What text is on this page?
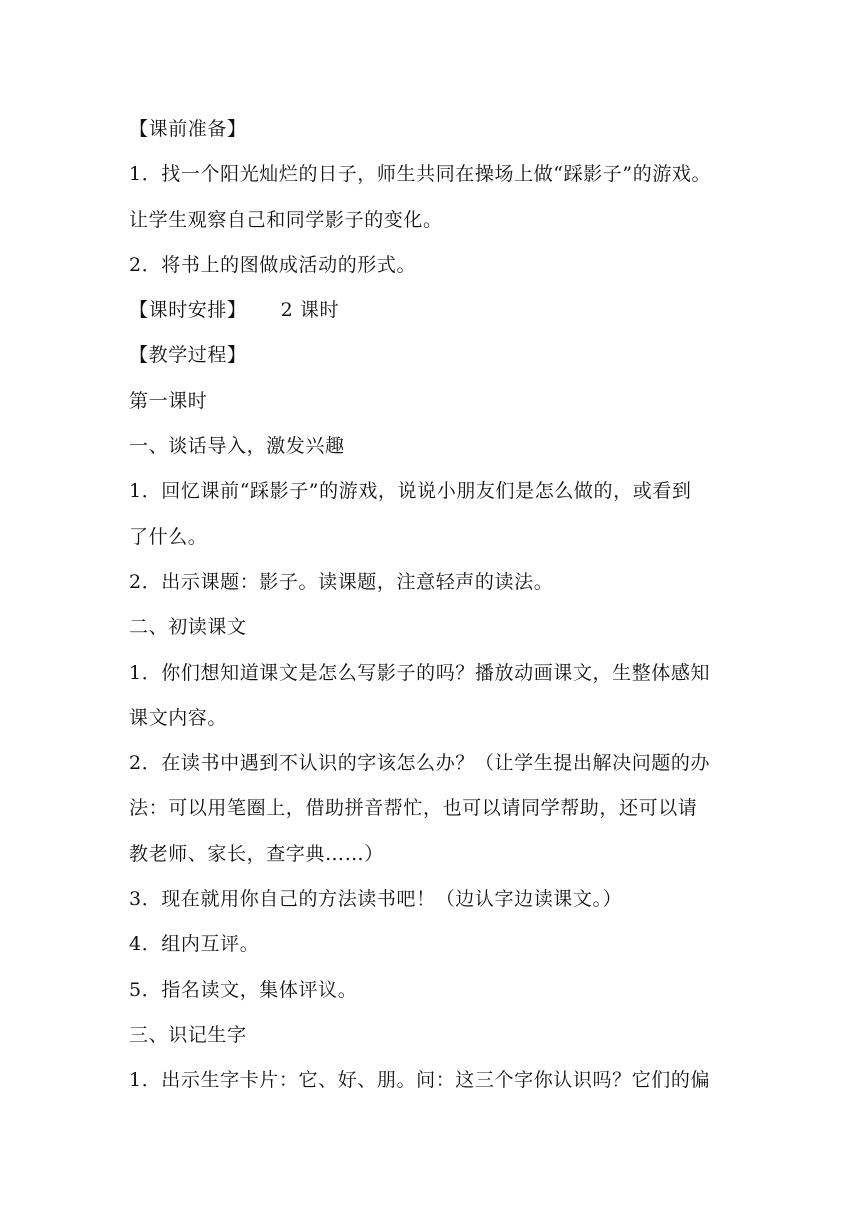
【课前准备】
1．找一个阳光灿烂的日子，师生共同在操场上做“踩影子”的游戏。
让学生观察自己和同学影子的变化。
2．将书上的图做成活动的形式。
【课时安排】 2 课时
【教学过程】
第一课时
一、谈话导入，激发兴趣
1．回忆课前“踩影子”的游戏，说说小朋友们是怎么做的，或看到
了什么。
2．出示课题：影子。读课题，注意轻声的读法。
二、初读课文
1．你们想知道课文是怎么写影子的吗？播放动画课文，生整体感知
课文内容。
2．在读书中遇到不认识的字该怎么办？（让学生提出解决问题的办
法：可以用笔圈上，借助拼音帮忙，也可以请同学帮助，还可以请
教老师、家长，查字典……）
3．现在就用你自己的方法读书吧！（边认字边读课文。）
4．组内互评。
5．指名读文，集体评议。
三、识记生字
1．出示生字卡片：它、好、朋。问：这三个字你认识吗？它们的偏
